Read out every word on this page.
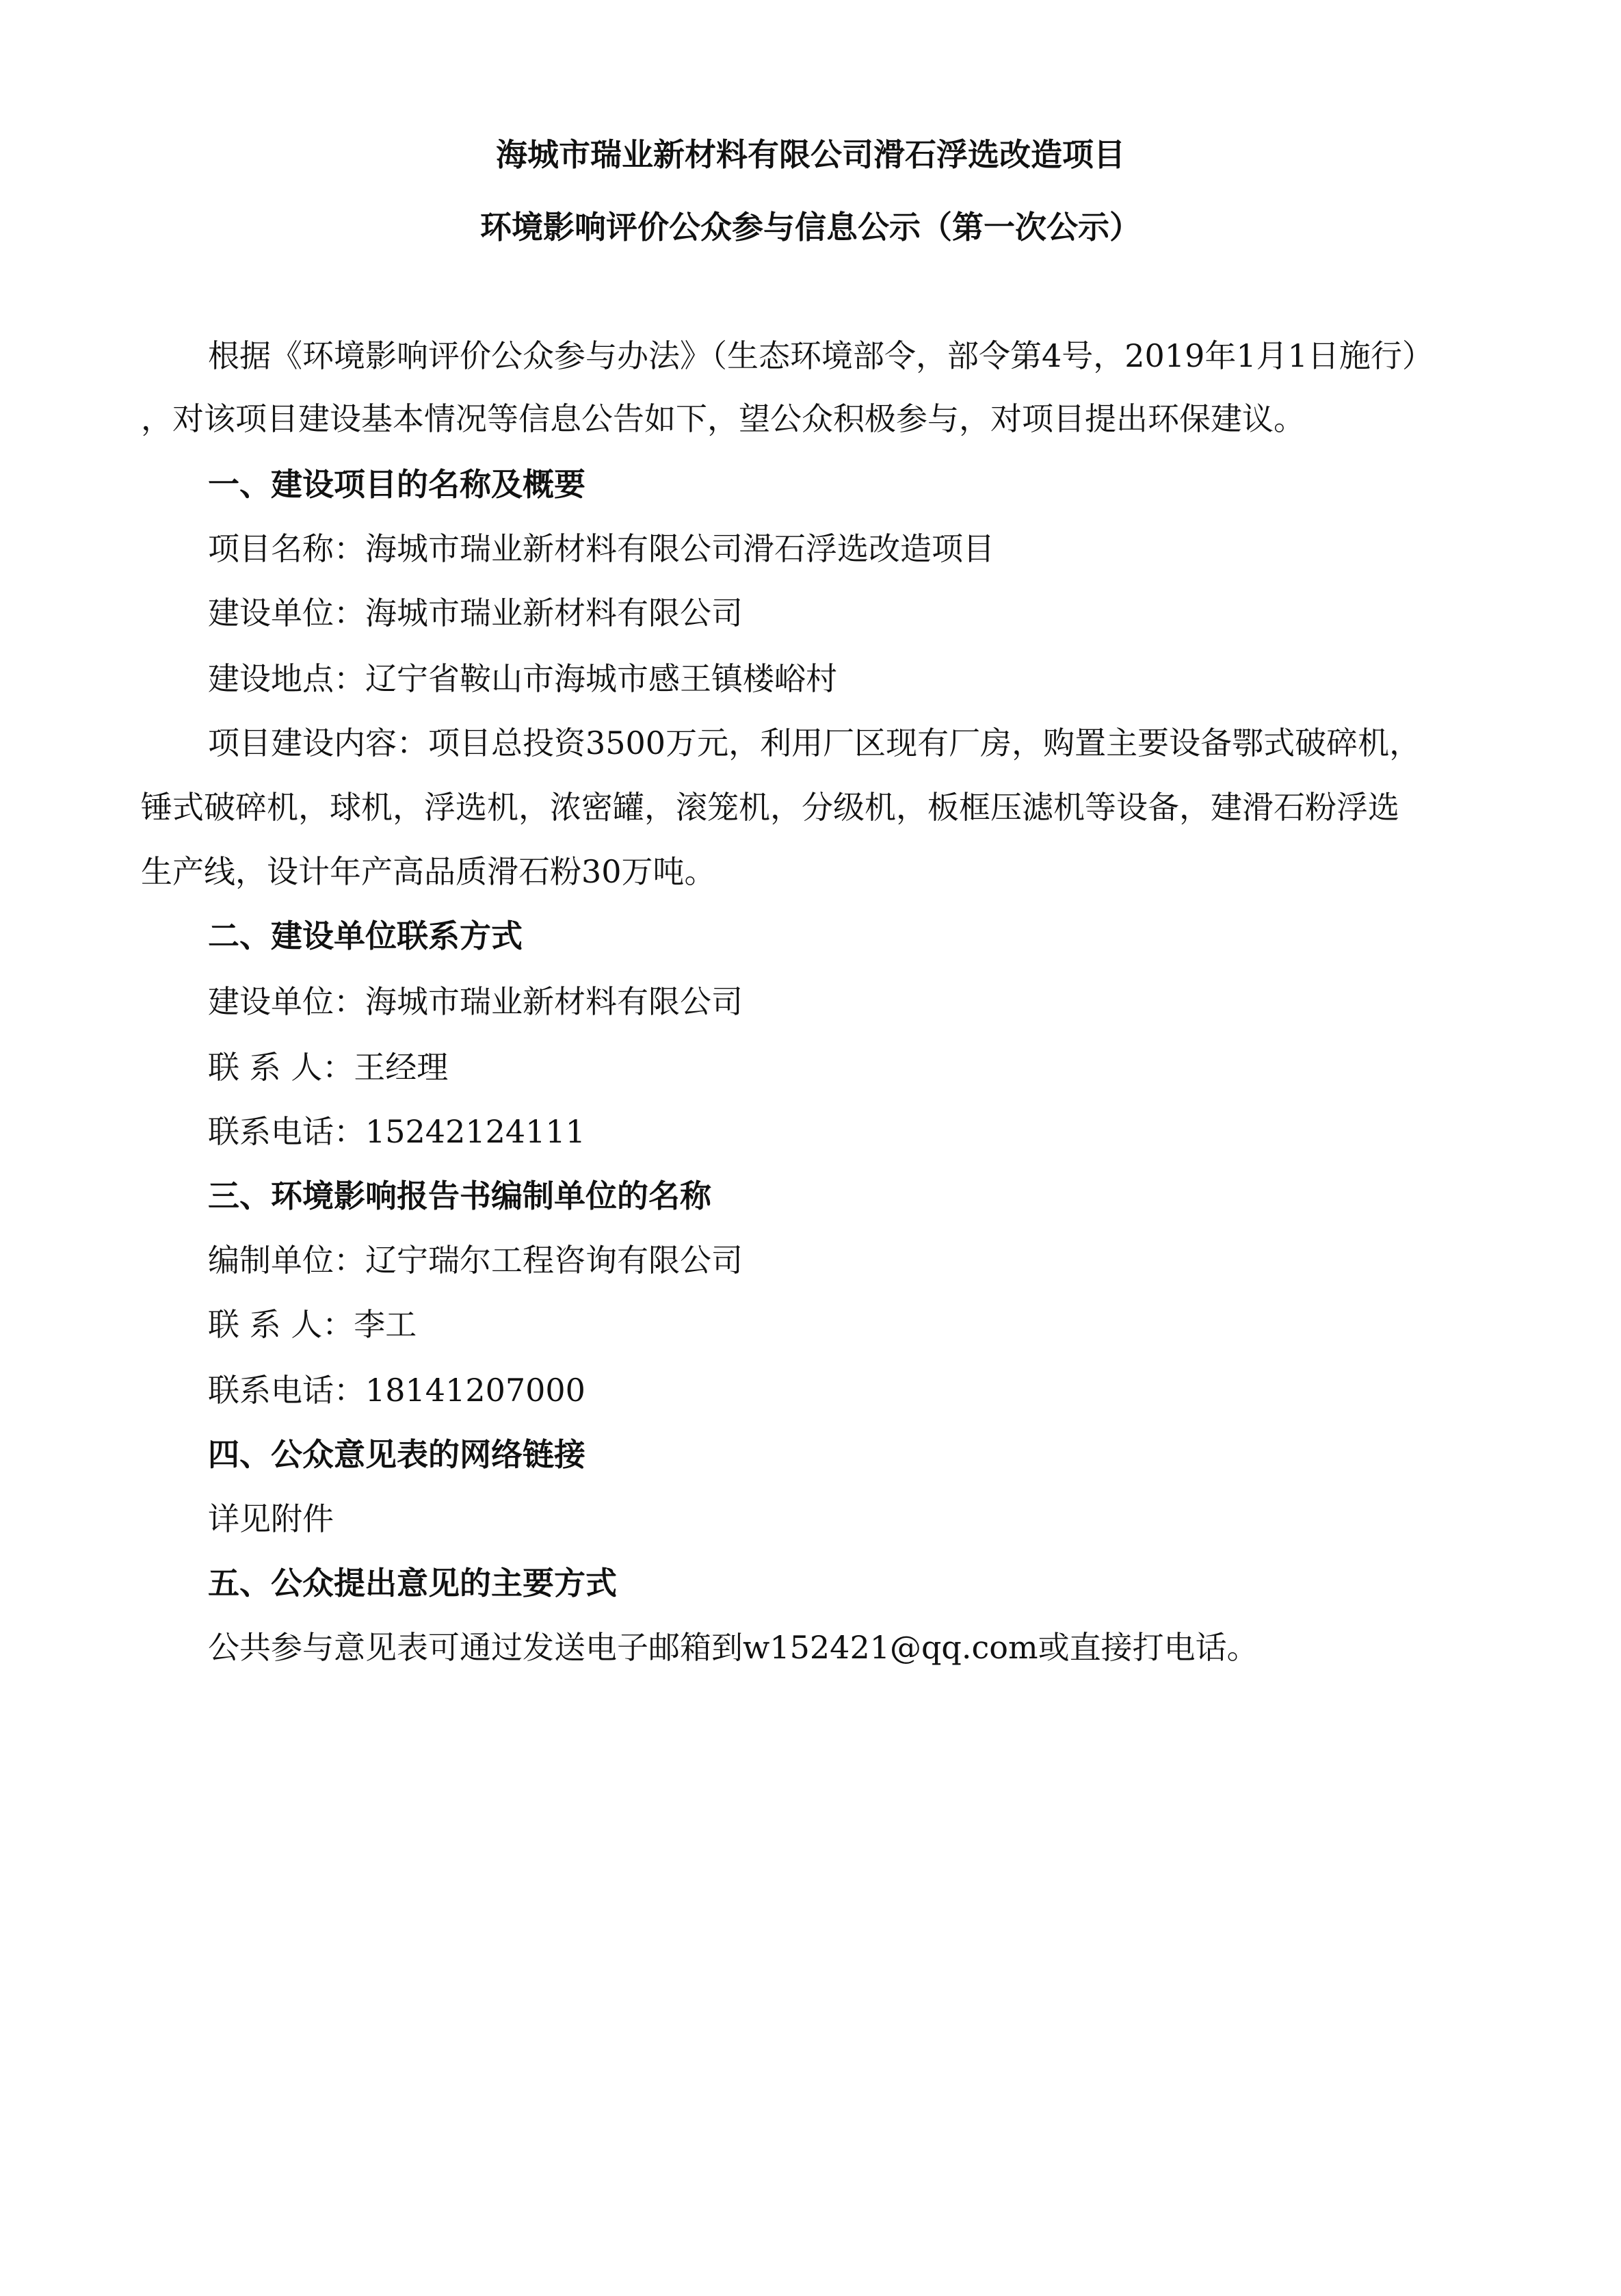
海城市瑞业新材料有限公司滑石浮选改造项目
环境影响评价公众参与信息公示（第一次公示）
根据《环境影响评价公众参与办法》（生态环境部令，部令第4号，2019年1月1日施行）
，对该项目建设基本情况等信息公告如下，望公众积极参与，对项目提出环保建议。
一、建设项目的名称及概要
项目名称：海城市瑞业新材料有限公司滑石浮选改造项目
建设单位：海城市瑞业新材料有限公司
建设地点：辽宁省鞍山市海城市感王镇楼峪村
项目建设内容：项目总投资3500万元，利用厂区现有厂房，购置主要设备鄂式破碎机，
锤式破碎机，球机，浮选机，浓密罐，滚笼机，分级机，板框压滤机等设备，建滑石粉浮选
生产线，设计年产高品质滑石粉30万吨。
二、建设单位联系方式
建设单位：海城市瑞业新材料有限公司
联 系 人：王经理
联系电话：15242124111
三、环境影响报告书编制单位的名称
编制单位：辽宁瑞尔工程咨询有限公司
联 系 人：李工
联系电话：18141207000
四、公众意见表的网络链接
详见附件
五、公众提出意见的主要方式
公共参与意见表可通过发送电子邮箱到w152421@qq.com或直接打电话。
